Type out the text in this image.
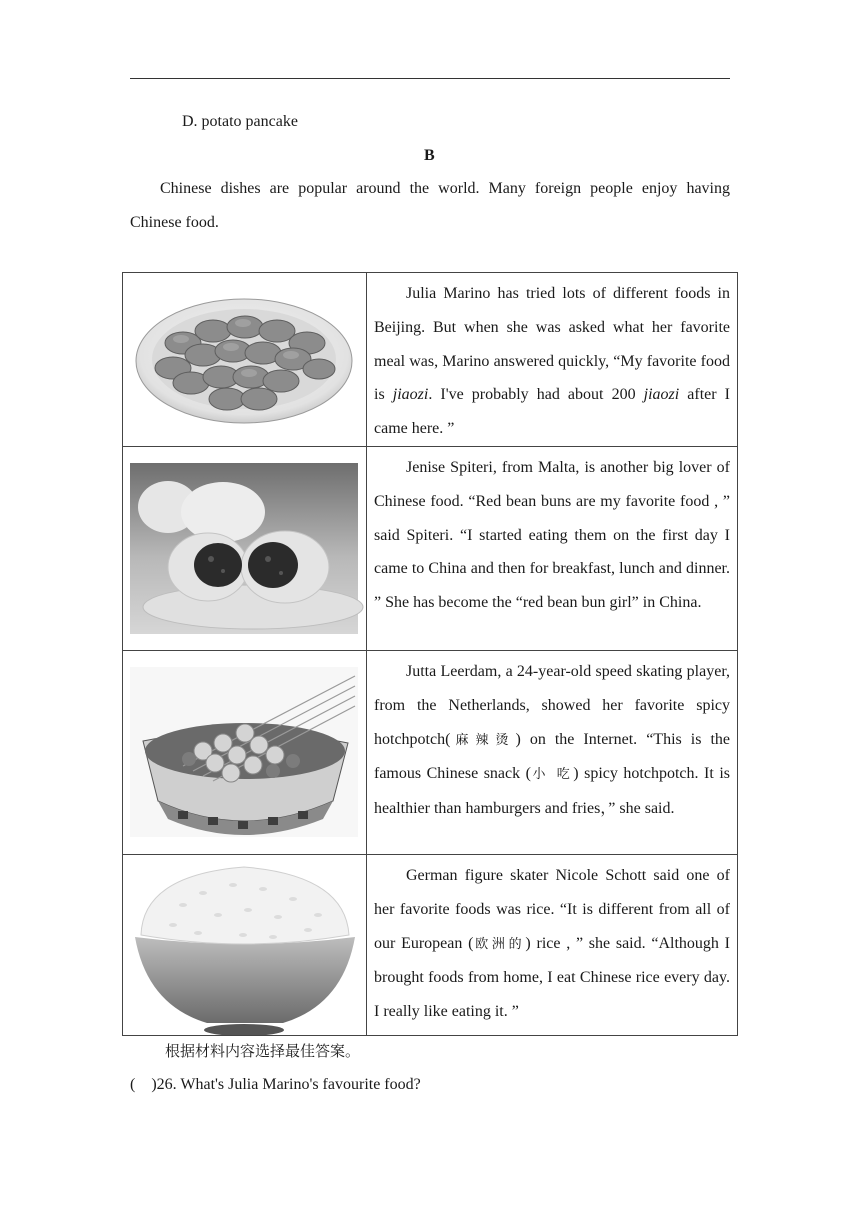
D. potato pancake
B
Chinese dishes are popular around the world. Many foreign people enjoy having Chinese food.
	Julia Marino has tried lots of different foods in Beijing. But when she was asked what her favorite meal was, Marino answered quickly, “My favorite food is jiaozi. I've probably had about 200 jiaozi after I came here. ”

	Jenise Spiteri, from Malta, is another big lover of Chinese food. “Red bean buns are my favorite food , ” said Spiteri. “I started eating them on the first day I came to China and then for breakfast, lunch and dinner. ” She has become the “red bean bun girl” in China.

	Jutta Leerdam, a 24-year-old speed skating player, from the Netherlands, showed her favorite spicy hotchpotch(麻辣烫) on the Internet. “This is the famous Chinese snack (小 吃) spicy hotchpotch. It is healthier than hamburgers and fries，” she said.

	German figure skater Nicole Schott said one of her favorite foods was rice. “It is different from all of our European (欧洲的) rice , ” she said. “Although I brought foods from home, I eat Chinese rice every day. I really like eating it. ”
根据材料内容选择最佳答案。
(    )26. What's Julia Marino's favourite food?
